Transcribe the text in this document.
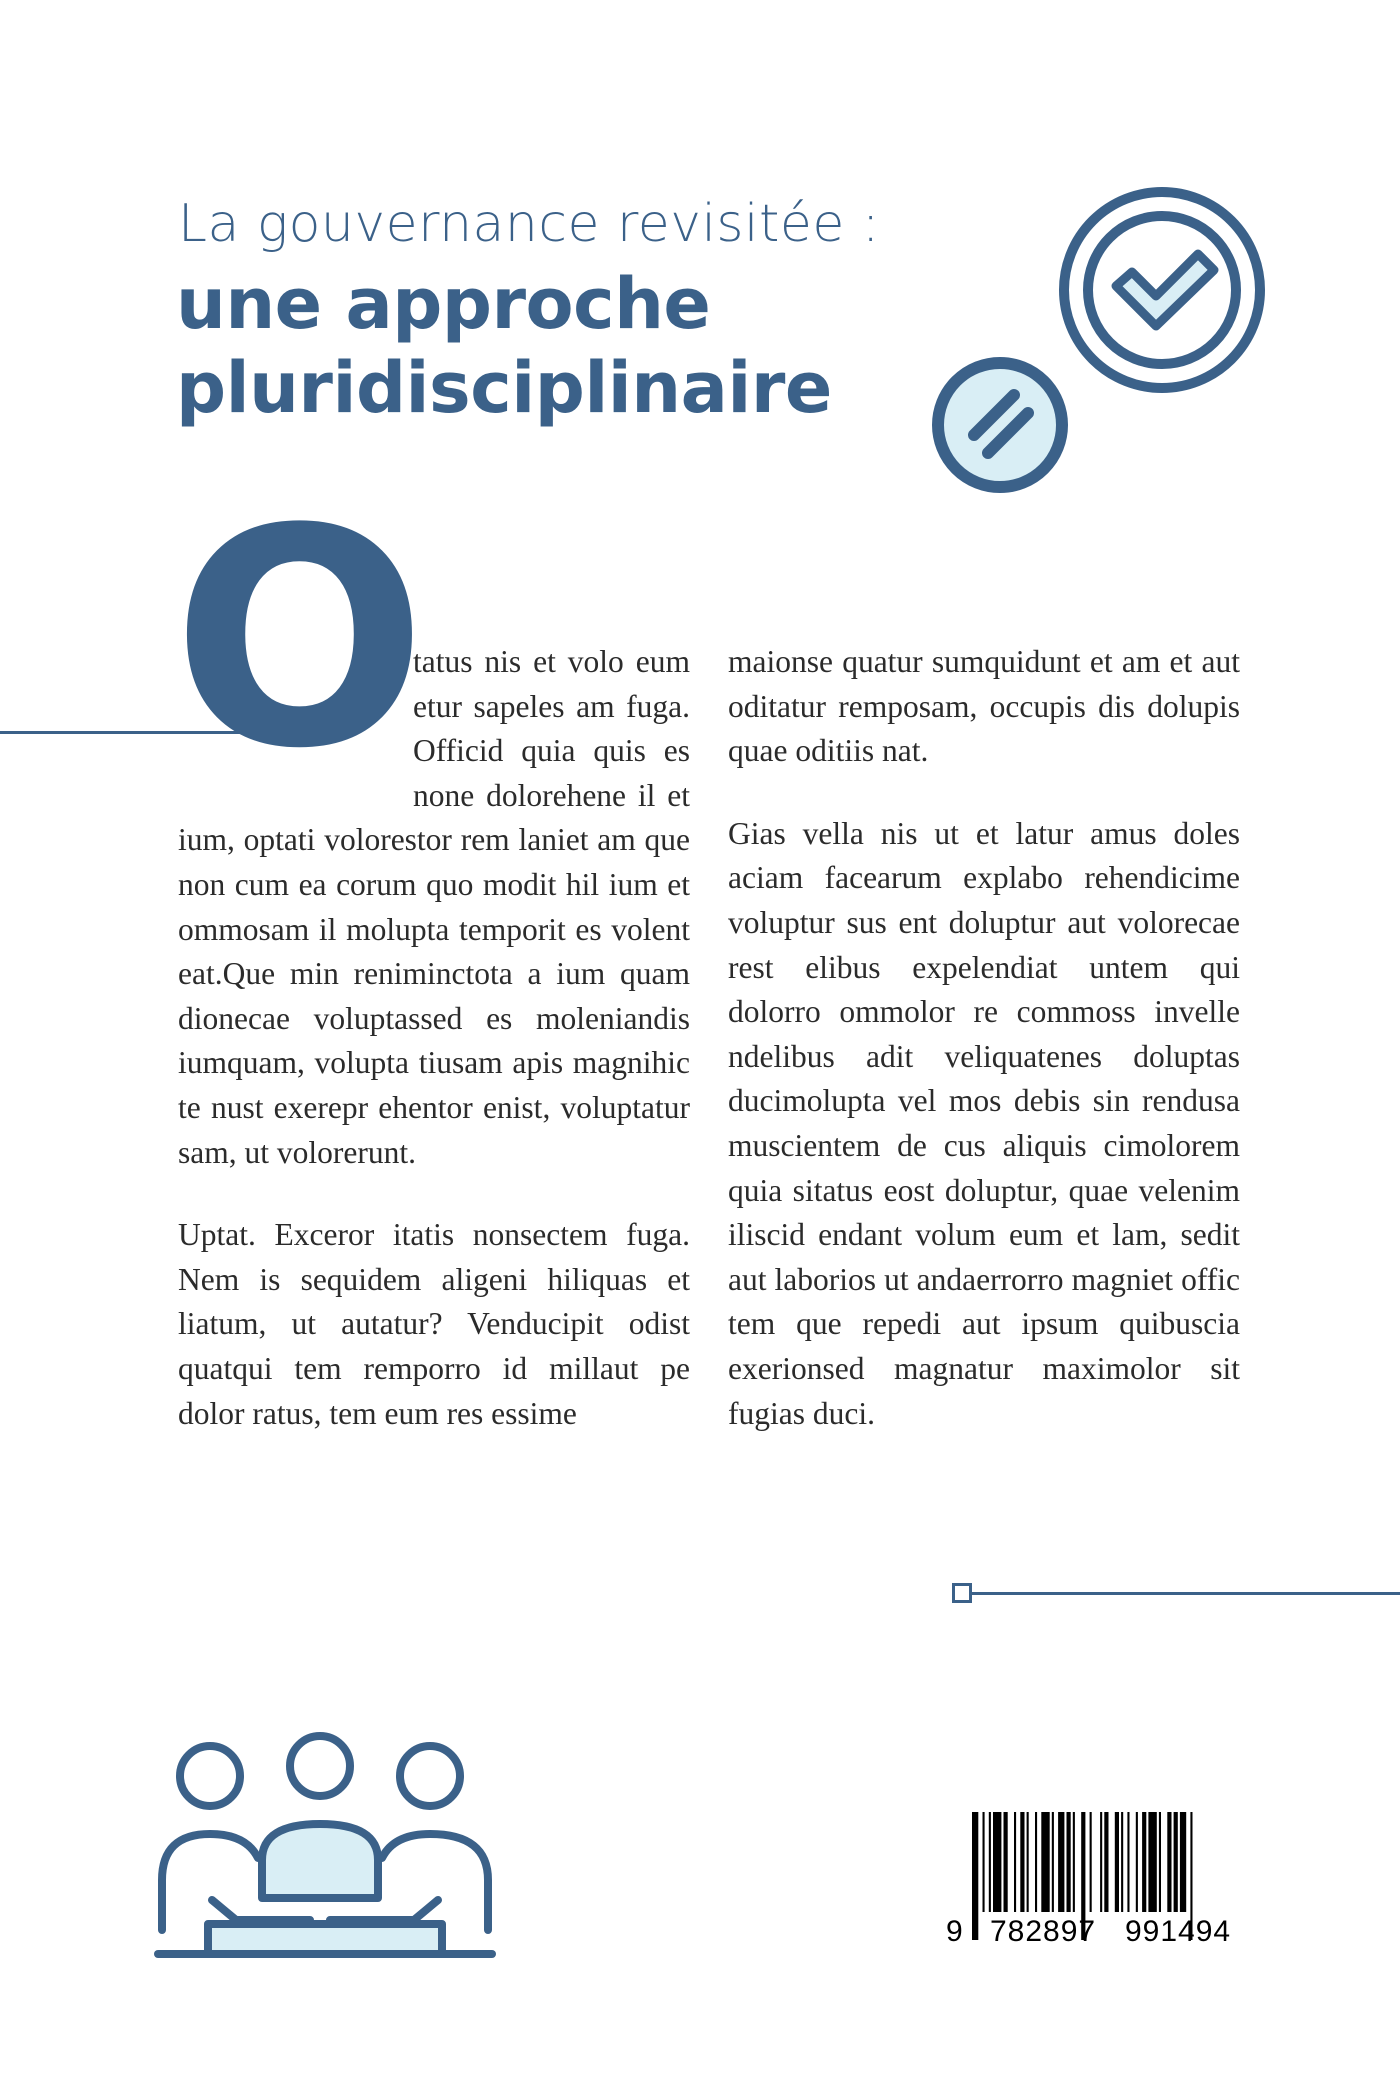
La gouvernance revisitée :
une approche
pluridisciplinaire

O
tatus nis et volo eum etur sapeles am fuga. Officid quia quis es none dolorehene il et ium, optati volorestor rem laniet am que non cum ea corum quo modit hil ium et ommosam il molupta temporit es volent eat.Que min reniminctota a ium quam dionecae voluptassed es moleniandis iumquam, volupta tiusam apis magnihic te nust exerepr ehentor enist, voluptatur sam, ut volorerunt.

Uptat. Exceror itatis nonsectem fuga. Nem is sequidem aligeni hiliquas et liatum, ut autatur? Venducipit odist quatqui tem remporro id millaut pe dolor ratus, tem eum res essime

maionse quatur sumquidunt et am et aut oditatur remposam, occupis dis dolupis quae oditiis nat.

Gias vella nis ut et latur amus doles aciam facearum explabo rehendicime voluptur sus ent doluptur aut volorecae rest elibus expelendiat untem qui dolorro ommolor re commoss invelle ndelibus adit veliquatenes doluptas ducimolupta vel mos debis sin rendusa muscientem de cus aliquis cimolorem quia sitatus eost doluptur, quae velenim iliscid endant volum eum et lam, sedit aut laborios ut andaerrorro magniet offic tem que repedi aut ipsum quibuscia exerionsed magnatur maximolor sit fugias duci.

9 782897 991494
